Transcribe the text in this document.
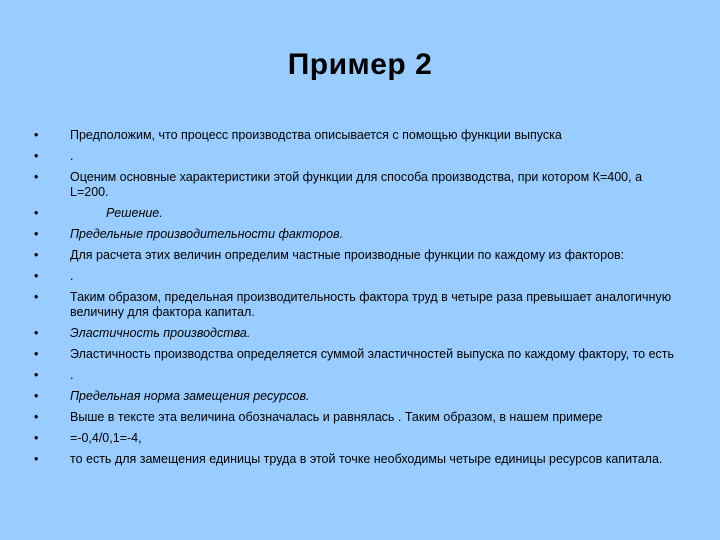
Пример 2
•	Предположим, что процесс производства описывается с помощью функции выпуска
•	.
•	Оценим основные характеристики этой функции для способа производства, при котором К=400, а L=200.
•	Решение.
•	Предельные производительности факторов.
•	Для расчета этих величин определим частные производные функции по каждому из факторов:
•	.
•	Таким образом, предельная производительность фактора труд в четыре раза превышает аналогичную величину для фактора капитал.
•	Эластичность производства.
•	Эластичность производства определяется суммой эластичностей выпуска по каждому фактору, то есть
•	.
•	Предельная норма замещения ресурсов.
•	Выше в тексте эта величина обозначалась и равнялась . Таким образом, в нашем примере
•	=-0,4/0,1=-4,
•	то есть для замещения единицы труда в этой точке необходимы четыре единицы ресурсов капитала.
